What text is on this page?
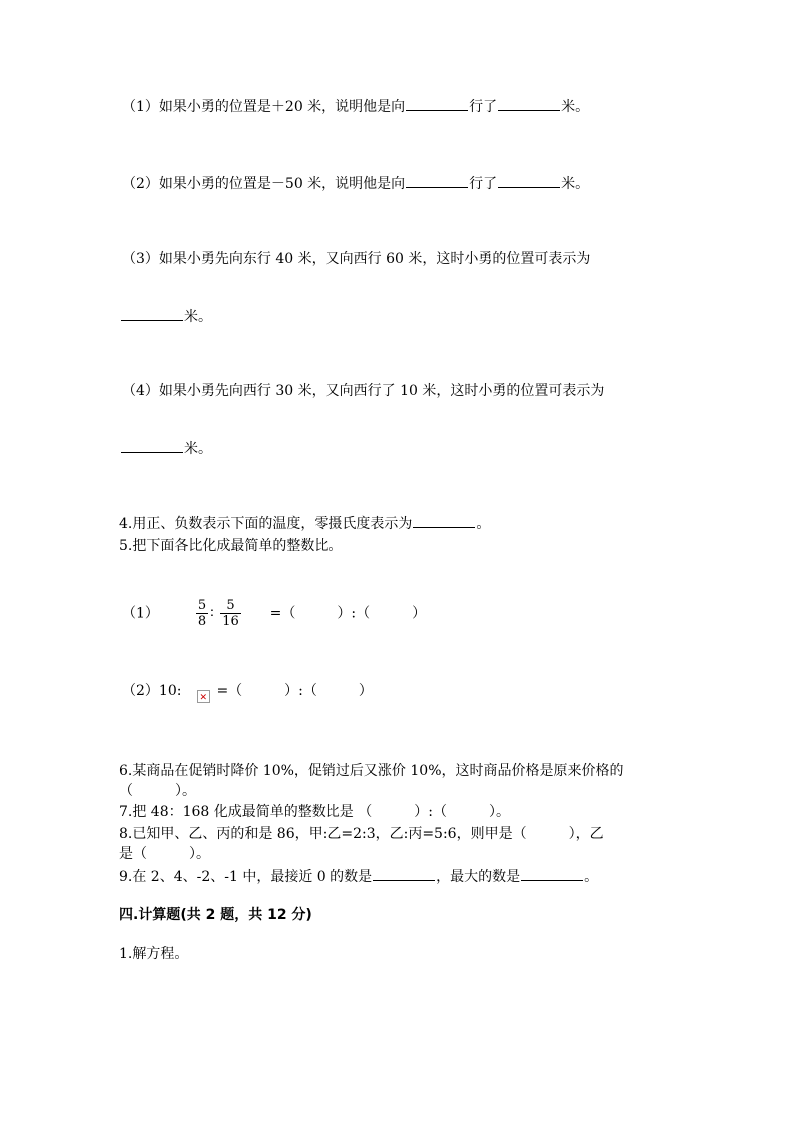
（1）如果小勇的位置是＋20 米，说明他是向	行了	米。
（2）如果小勇的位置是－50 米，说明他是向	行了	米。
（3）如果小勇先向东行 40 米，又向西行 60 米，这时小勇的位置可表示为
米。
（4）如果小勇先向西行 30 米，又向西行了 10 米，这时小勇的位置可表示为
米。
4.用正、负数表示下面的温度，零摄氏度表示为	。
5.把下面各比化成最简单的整数比。
（1）	$\frac{5}{8}$ ∶ $\frac{5}{16}$ =（　　　）:（　　　）
（2）10:✕	=（　　　）:（　　　）
6.某商品在促销时降价 10%，促销过后又涨价 10%，这时商品价格是原来价格的
（　　　）。
7.把 48：168 化成最简单的整数比是 （　　　）:（　　　）。
8.已知甲、乙、丙的和是 86，甲:乙=2:3，乙:丙=5:6，则甲是（　　　），乙
是（　　　）。
9.在 2、4、-2、-1 中，最接近 0 的数是	，最大的数是	。
四.计算题(共 2 题，共 12 分)
1.解方程。
